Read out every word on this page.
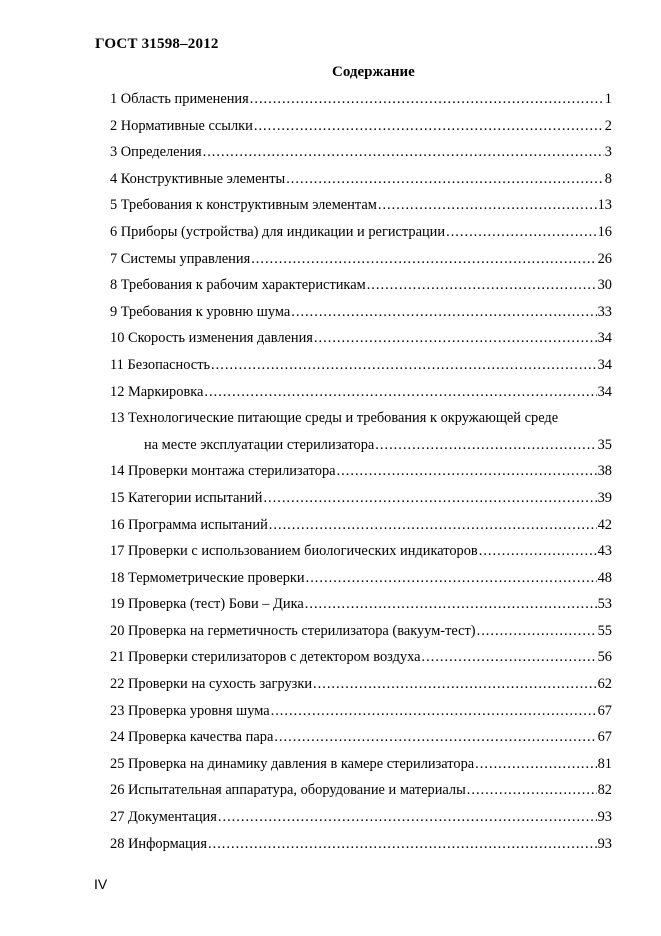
ГОСТ 31598–2012
Содержание
1 Область применения .....	1
2 Нормативные ссылки .....	2
3 Определения .....	3
4 Конструктивные элементы .....	8
5 Требования к конструктивным элементам .....	13
6 Приборы (устройства) для индикации и регистрации .....	16
7 Системы управления .....	26
8 Требования к рабочим характеристикам .....	30
9 Требования к уровню шума .....	33
10 Скорость изменения давления .....	34
11 Безопасность .....	34
12 Маркировка .....	34
13 Технологические питающие среды и требования к окружающей среде
на месте эксплуатации стерилизатора .....	35
14 Проверки монтажа стерилизатора .....	38
15 Категории испытаний .....	39
16 Программа испытаний .....	42
17 Проверки с использованием биологических индикаторов .....	43
18 Термометрические проверки .....	48
19 Проверка (тест) Бови – Дика .....	53
20 Проверка на герметичность стерилизатора (вакуум-тест) .....	55
21 Проверки стерилизаторов с детектором воздуха .....	56
22 Проверки на сухость загрузки .....	62
23 Проверка уровня шума .....	67
24 Проверка качества пара .....	67
25 Проверка на динамику давления в камере стерилизатора .....	81
26 Испытательная аппаратура, оборудование и материалы .....	82
27 Документация .....	93
28 Информация .....	93
IV
